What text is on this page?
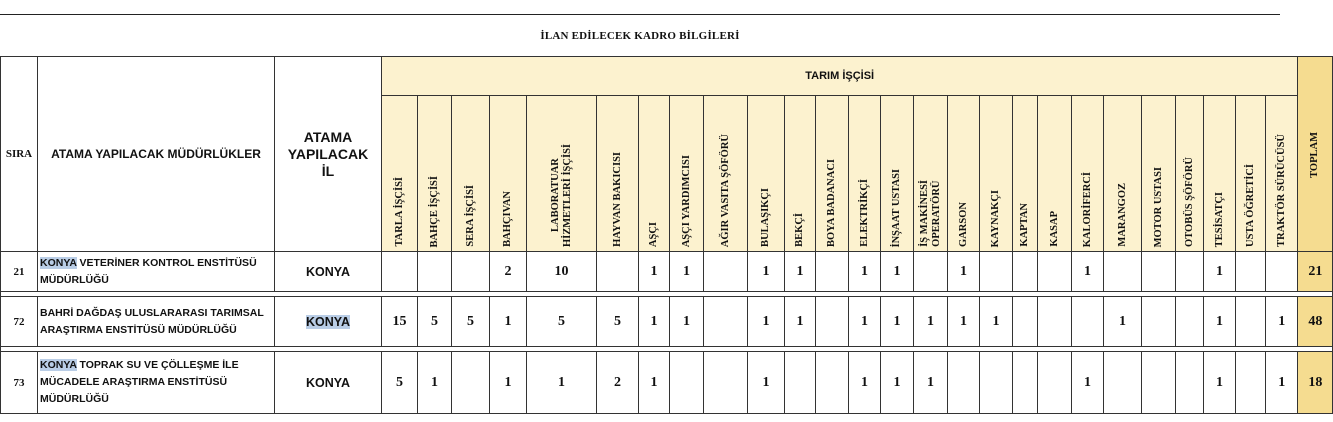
İLAN EDİLECEK KADRO BİLGİLERİ
SIRA	ATAMA YAPILACAK MÜDÜRLÜKLER	ATAMA
YAPILACAK
İL	TARIM İŞÇİSİ																										TOPLAM

			TARLA İŞÇİSİ	BAHÇE İŞÇİSİ	SERA İŞÇİSİ	BAHÇIVAN	LABORATUAR
HİZMETLERİ İŞÇİSİ	HAYVAN BAKICISI	AŞÇI	AŞÇI YARDIMCISI	AĞIR VASITA ŞÖFÖRÜ	BULAŞIKÇI	BEKÇİ	BOYA BADANACI	ELEKTRİKÇİ	İNŞAAT USTASI	İŞ MAKİNESİ
OPERATÖRÜ	GARSON	KAYNAKÇI	KAPTAN	KASAP	KALORİFERCİ	MARANGOZ	MOTOR USTASI	OTOBÜS ŞÖFÖRÜ	TESİSATÇI	USTA ÖĞRETİCİ	TRAKTÖR SÜRÜCÜSÜ	

21	KONYA VETERİNER KONTROL ENSTİTÜSÜ MÜDÜRLÜĞÜ	KONYA				2	10		1	1		1	1		1	1		1				1				1			21

72	BAHRİ DAĞDAŞ ULUSLARARASI TARIMSAL ARAŞTIRMA ENSTİTÜSÜ MÜDÜRLÜĞÜ	KONYA	15	5	5	1	5	5	1	1		1	1		1	1	1	1	1				1			1		1	48

73	KONYA TOPRAK SU VE ÇÖLLEŞME İLE MÜCADELE ARAŞTIRMA ENSTİTÜSÜ MÜDÜRLÜĞÜ	KONYA	5	1		1	1	2	1			1			1	1	1					1				1		1	18
